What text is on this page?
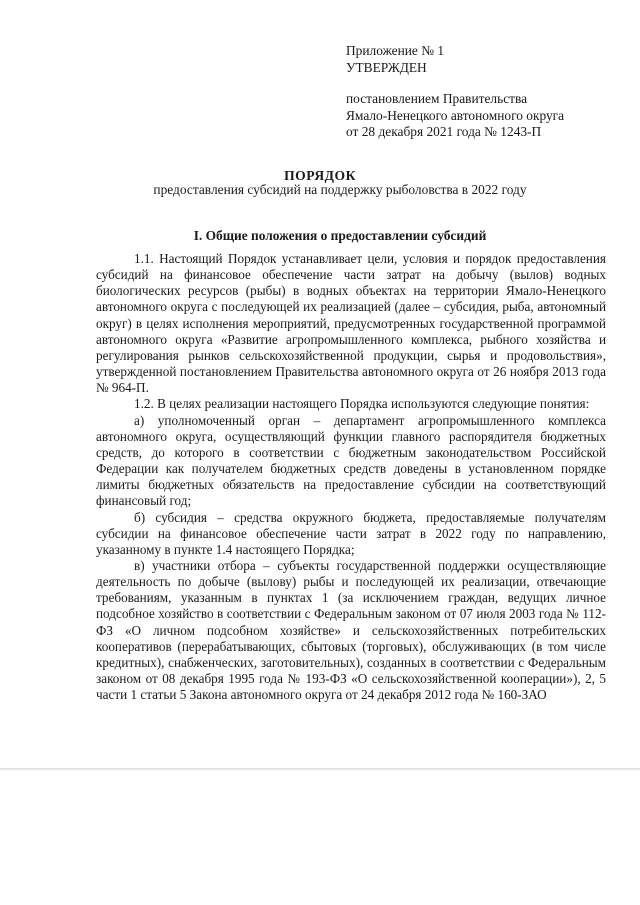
Приложение № 1
УТВЕРЖДЕН
постановлением Правительства
Ямало-Ненецкого автономного округа
от 28 декабря 2021 года № 1243-П
ПОРЯДОК
предоставления субсидий на поддержку рыболовства в 2022 году
I. Общие положения о предоставлении субсидий

1.1. Настоящий Порядок устанавливает цели, условия и порядок предоставления субсидий на финансовое обеспечение части затрат на добычу (вылов) водных биологических ресурсов (рыбы) в водных объектах на территории Ямало-Ненецкого автономного округа с последующей их реализацией (далее – субсидия, рыба, автономный округ) в целях исполнения мероприятий, предусмотренных государственной программой автономного округа «Развитие агропромышленного комплекса, рыбного хозяйства и регулирования рынков сельскохозяйственной продукции, сырья и продовольствия», утвержденной постановлением Правительства автономного округа от 26 ноября 2013 года № 964-П.

1.2. В целях реализации настоящего Порядка используются следующие понятия:

а) уполномоченный орган – департамент агропромышленного комплекса автономного округа, осуществляющий функции главного распорядителя бюджетных средств, до которого в соответствии с бюджетным законодательством Российской Федерации как получателем бюджетных средств доведены в установленном порядке лимиты бюджетных обязательств на предоставление субсидии на соответствующий финансовый год;

б) субсидия – средства окружного бюджета, предоставляемые получателям субсидии на финансовое обеспечение части затрат в 2022 году по направлению, указанному в пункте 1.4 настоящего Порядка;

в) участники отбора – субъекты государственной поддержки осуществляющие деятельность по добыче (вылову) рыбы и последующей их реализации, отвечающие требованиям, указанным в пунктах 1 (за исключением граждан, ведущих личное подсобное хозяйство в соответствии с Федеральным законом от 07 июля 2003 года № 112-ФЗ «О личном подсобном хозяйстве» и сельскохозяйственных потребительских кооперативов (перерабатывающих, сбытовых (торговых), обслуживающих (в том числе кредитных), снабженческих, заготовительных), созданных в соответствии с Федеральным законом от 08 декабря 1995 года № 193-ФЗ «О сельскохозяйственной кооперации»), 2, 5 части 1 статьи 5 Закона автономного округа от 24 декабря 2012 года № 160-ЗАО
